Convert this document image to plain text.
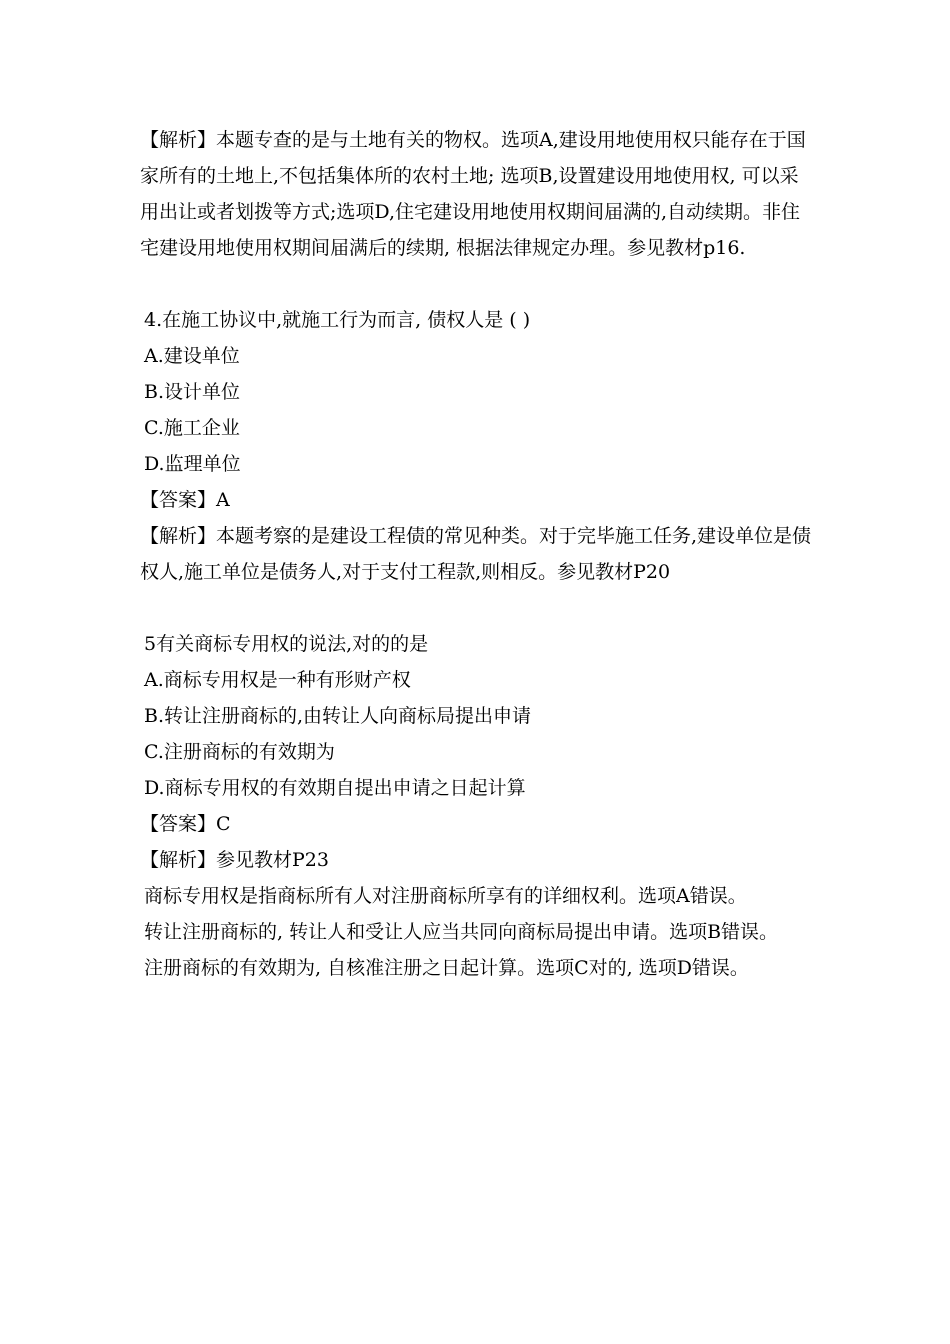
【解析】本题专查的是与土地有关的物权。选项A,建设用地使用权只能存在于国家所有的土地上,不包括集体所的农村土地; 选项B,设置建设用地使用权, 可以采用出让或者划拨等方式;选项D,住宅建设用地使用权期间届满的,自动续期。非住宅建设用地使用权期间届满后的续期, 根据法律规定办理。参见教材p16.

4.在施工协议中,就施工行为而言, 债权人是 ( )

A.建设单位

B.设计单位

C.施工企业

D.监理单位

【答案】A

【解析】本题考察的是建设工程债的常见种类。对于完毕施工任务,建设单位是债权人,施工单位是债务人,对于支付工程款,则相反。参见教材P20

5有关商标专用权的说法,对的的是

A.商标专用权是一种有形财产权

B.转让注册商标的,由转让人向商标局提出申请

C.注册商标的有效期为

D.商标专用权的有效期自提出申请之日起计算

【答案】C

【解析】参见教材P23

商标专用权是指商标所有人对注册商标所享有的详细权利。选项A错误。

转让注册商标的, 转让人和受让人应当共同向商标局提出申请。选项B错误。

注册商标的有效期为, 自核准注册之日起计算。选项C对的, 选项D错误。
